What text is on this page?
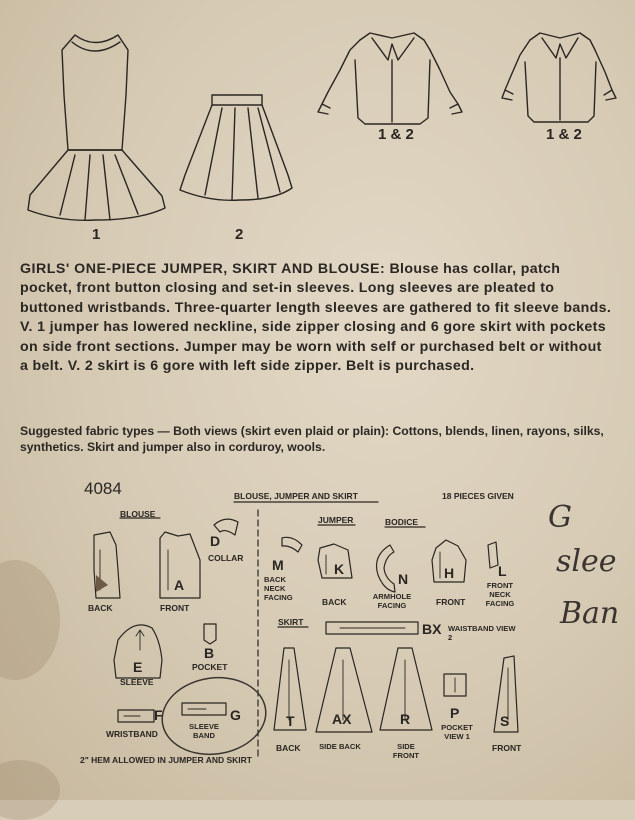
1	2
1 & 2	1 & 2
GIRLS' ONE-PIECE JUMPER, SKIRT AND BLOUSE: Blouse has collar, patch pocket, front button closing and set-in sleeves. Long sleeves are pleated to buttoned wristbands. Three-quarter length sleeves are gathered to fit sleeve bands. V. 1 jumper has lowered neckline, side zipper closing and 6 gore skirt with pockets on side front sections. Jumper may be worn with self or purchased belt or without a belt. V. 2 skirt is 6 gore with left side zipper. Belt is purchased.
Suggested fabric types — Both views (skirt even plaid or plain): Cottons, blends, linen, rayons, silks, synthetics. Skirt and jumper also in corduroy, wools.
4084	BLOUSE, JUMPER AND SKIRT	18 PIECES GIVEN
BLOUSE
JUMPER	BODICE
SKIRT
BACK
A
FRONT
D
COLLAR
B
POCKET
E
SLEEVE
F
WRISTBAND
G
SLEEVE BAND
M
BACK NECK FACING
K
BACK
N
ARMHOLE FACING
H
FRONT
L
FRONT NECK FACING
BX WAISTBAND VIEW 2
T
BACK
AX
SIDE BACK
R
SIDE FRONT
P
POCKET VIEW 1
S
FRONT
2" HEM ALLOWED IN JUMPER AND SKIRT
G
slee
Ban
